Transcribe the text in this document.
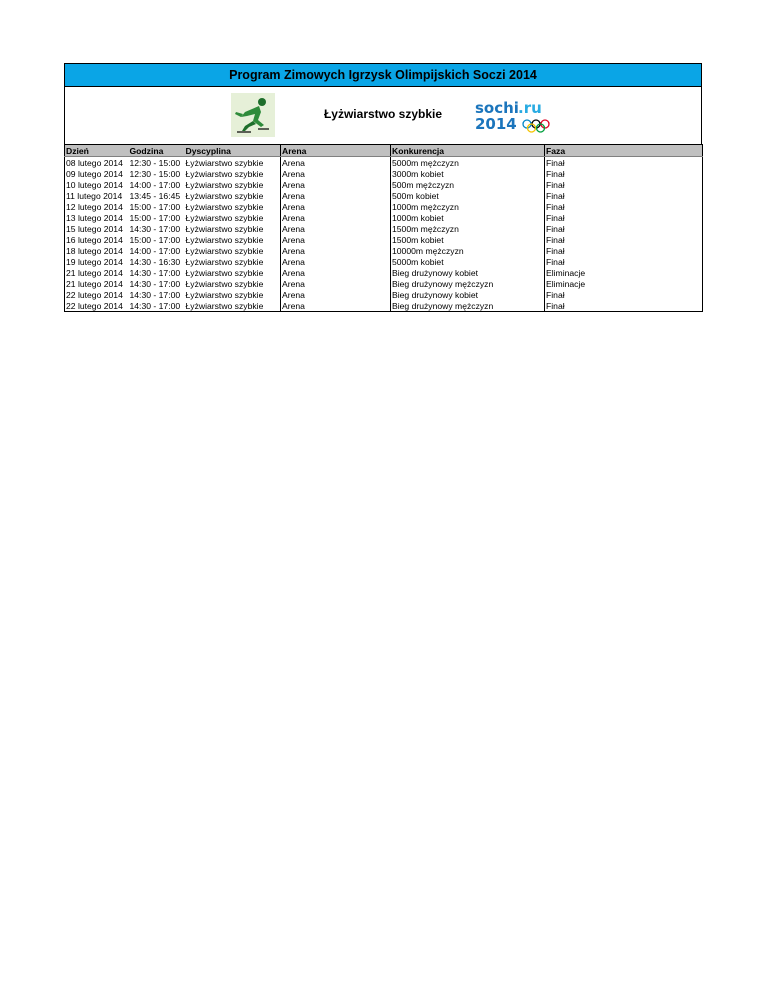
Program Zimowych Igrzysk Olimpijskich Soczi 2014
Łyżwiarstwo szybkie	sochi .ru
2014
Dzień	Godzina	Dyscyplina	Arena	Konkurencja	Faza
08 lutego 2014	12:30 - 15:00	Łyżwiarstwo szybkie	Arena	5000m mężczyzn	Finał
09 lutego 2014	12:30 - 15:00	Łyżwiarstwo szybkie	Arena	3000m kobiet	Finał
10 lutego 2014	14:00 - 17:00	Łyżwiarstwo szybkie	Arena	500m mężczyzn	Finał
11 lutego 2014	13:45 - 16:45	Łyżwiarstwo szybkie	Arena	500m kobiet	Finał
12 lutego 2014	15:00 - 17:00	Łyżwiarstwo szybkie	Arena	1000m mężczyzn	Finał
13 lutego 2014	15:00 - 17:00	Łyżwiarstwo szybkie	Arena	1000m kobiet	Finał
15 lutego 2014	14:30 - 17:00	Łyżwiarstwo szybkie	Arena	1500m mężczyzn	Finał
16 lutego 2014	15:00 - 17:00	Łyżwiarstwo szybkie	Arena	1500m kobiet	Finał
18 lutego 2014	14:00 - 17:00	Łyżwiarstwo szybkie	Arena	10000m mężczyzn	Finał
19 lutego 2014	14:30 - 16:30	Łyżwiarstwo szybkie	Arena	5000m kobiet	Finał
21 lutego 2014	14:30 - 17:00	Łyżwiarstwo szybkie	Arena	Bieg drużynowy kobiet	Eliminacje
21 lutego 2014	14:30 - 17:00	Łyżwiarstwo szybkie	Arena	Bieg drużynowy mężczyzn	Eliminacje
22 lutego 2014	14:30 - 17:00	Łyżwiarstwo szybkie	Arena	Bieg drużynowy kobiet	Finał
22 lutego 2014	14:30 - 17:00	Łyżwiarstwo szybkie	Arena	Bieg drużynowy mężczyzn	Finał
